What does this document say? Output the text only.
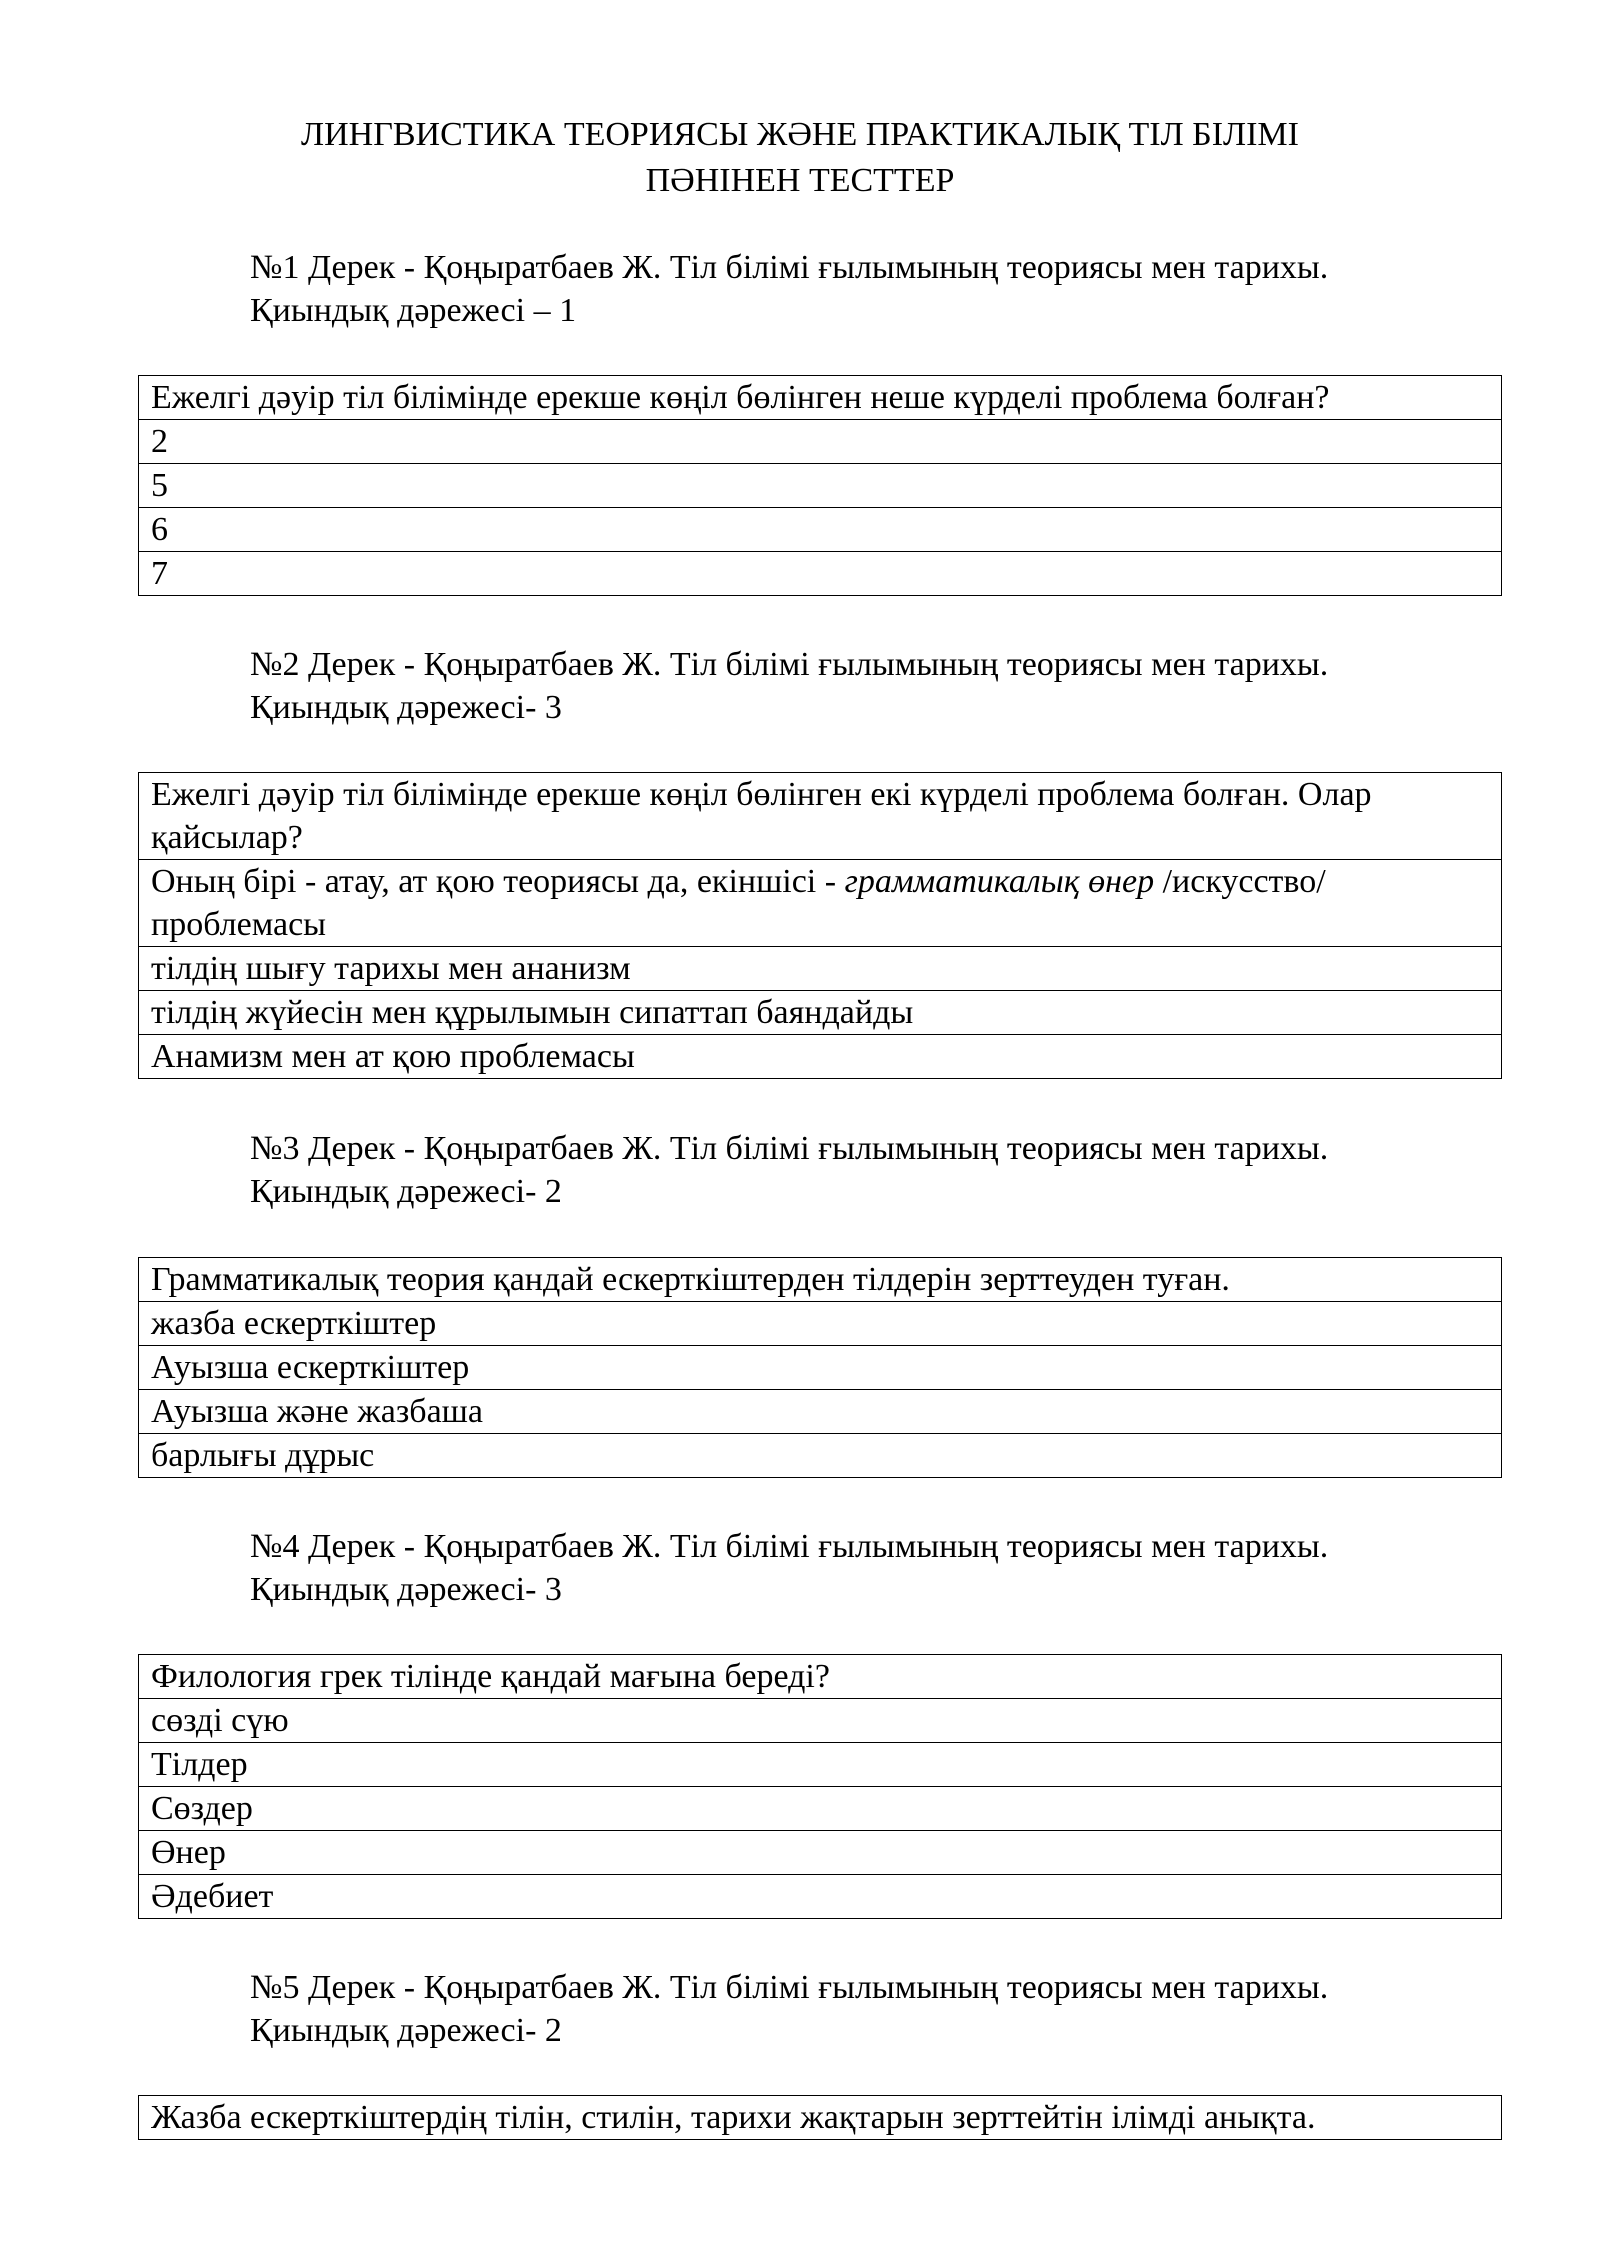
ЛИНГВИСТИКА ТЕОРИЯСЫ ЖӘНЕ ПРАКТИКАЛЫҚ ТІЛ БІЛІМІ
ПӘНІНЕН ТЕСТТЕР
№1 Дерек - Қоңыратбаев Ж. Тіл білімі ғылымының теориясы мен тарихы.
Қиындық дәрежесі – 1
Ежелгі дәуір тіл білімінде ерекше көңіл бөлінген неше күрделі проблема болған?
2
5
6
7
№2 Дерек - Қоңыратбаев Ж. Тіл білімі ғылымының теориясы мен тарихы.
Қиындық дәрежесі- 3
Ежелгі дәуір тіл білімінде ерекше көңіл бөлінген екі күрделі проблема болған. Олар қайсылар?
Оның бірі - атау, ат қою теориясы да, екіншісі - грамматикалық өнер /искусство/ проблемасы
тілдің шығу тарихы мен ананизм
тілдің жүйесін мен құрылымын сипаттап баяндайды
Анамизм мен ат қою проблемасы
№3 Дерек - Қоңыратбаев Ж. Тіл білімі ғылымының теориясы мен тарихы.
Қиындық дәрежесі- 2
Грамматикалық теория қандай ескерткіштерден тілдерін зерттеуден туған.
жазба ескерткіштер
Ауызша ескерткіштер
Ауызша және жазбаша
барлығы дұрыс
№4 Дерек - Қоңыратбаев Ж. Тіл білімі ғылымының теориясы мен тарихы.
Қиындық дәрежесі- 3
Филология грек тілінде қандай мағына береді?
сөзді сүю
Тілдер
Сөздер
Өнер
Әдебиет
№5 Дерек - Қоңыратбаев Ж. Тіл білімі ғылымының теориясы мен тарихы.
Қиындық дәрежесі- 2
Жазба ескерткіштердің тілін, стилін, тарихи жақтарын зерттейтін ілімді анықта.
